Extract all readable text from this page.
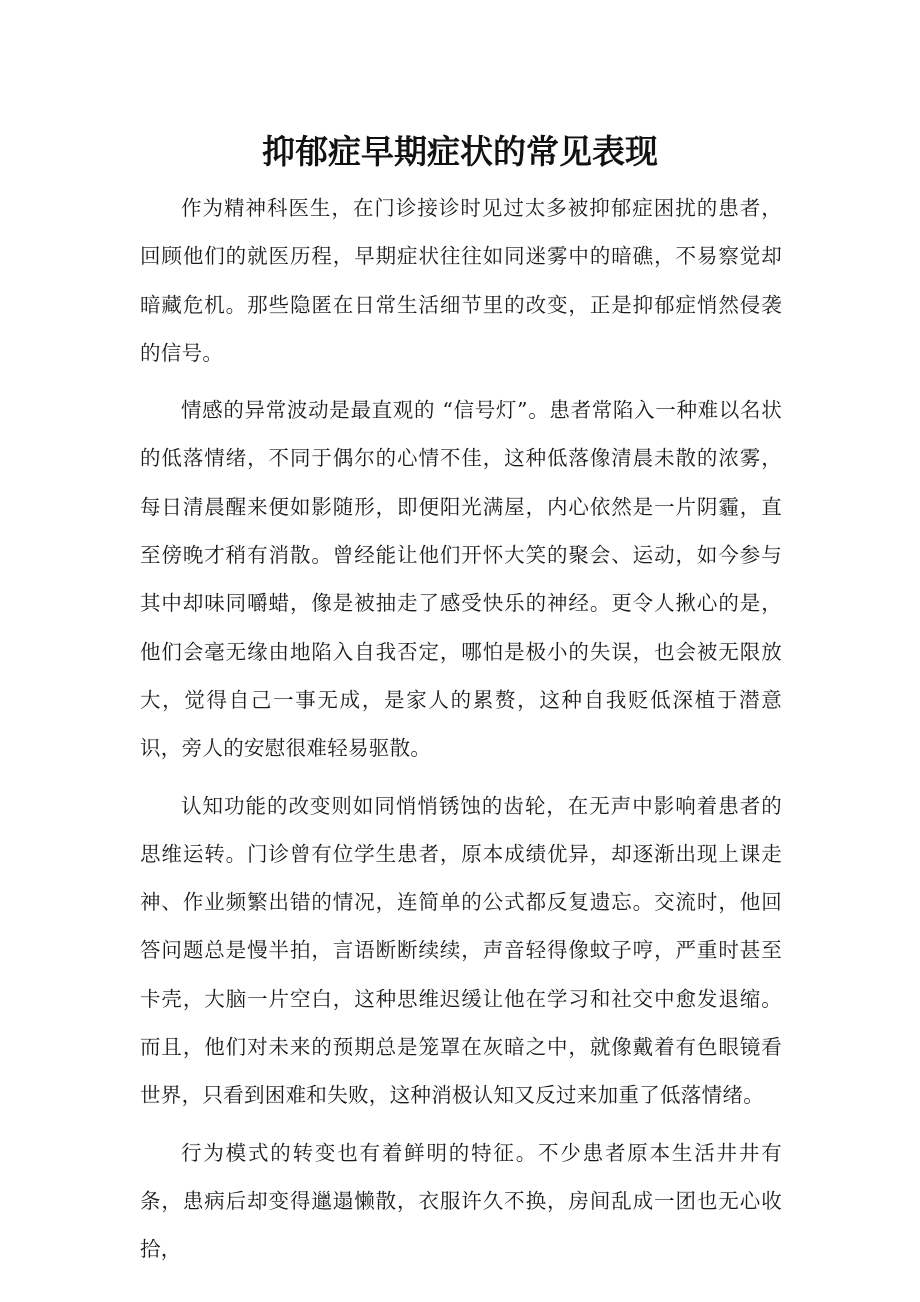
抑郁症早期症状的常见表现

作为精神科医生，在门诊接诊时见过太多被抑郁症困扰的患者，回顾他们的就医历程，早期症状往往如同迷雾中的暗礁，不易察觉却暗藏危机。那些隐匿在日常生活细节里的改变，正是抑郁症悄然侵袭的信号。

情感的异常波动是最直观的 “信号灯”。患者常陷入一种难以名状的低落情绪，不同于偶尔的心情不佳，这种低落像清晨未散的浓雾，每日清晨醒来便如影随形，即便阳光满屋，内心依然是一片阴霾，直至傍晚才稍有消散。曾经能让他们开怀大笑的聚会、运动，如今参与其中却味同嚼蜡，像是被抽走了感受快乐的神经。更令人揪心的是，他们会毫无缘由地陷入自我否定，哪怕是极小的失误，也会被无限放大，觉得自己一事无成，是家人的累赘，这种自我贬低深植于潜意识，旁人的安慰很难轻易驱散。

认知功能的改变则如同悄悄锈蚀的齿轮，在无声中影响着患者的思维运转。门诊曾有位学生患者，原本成绩优异，却逐渐出现上课走神、作业频繁出错的情况，连简单的公式都反复遗忘。交流时，他回答问题总是慢半拍，言语断断续续，声音轻得像蚊子哼，严重时甚至卡壳，大脑一片空白，这种思维迟缓让他在学习和社交中愈发退缩。而且，他们对未来的预期总是笼罩在灰暗之中，就像戴着有色眼镜看世界，只看到困难和失败，这种消极认知又反过来加重了低落情绪。

行为模式的转变也有着鲜明的特征。不少患者原本生活井井有条，患病后却变得邋遢懒散，衣服许久不换，房间乱成一团也无心收拾，
